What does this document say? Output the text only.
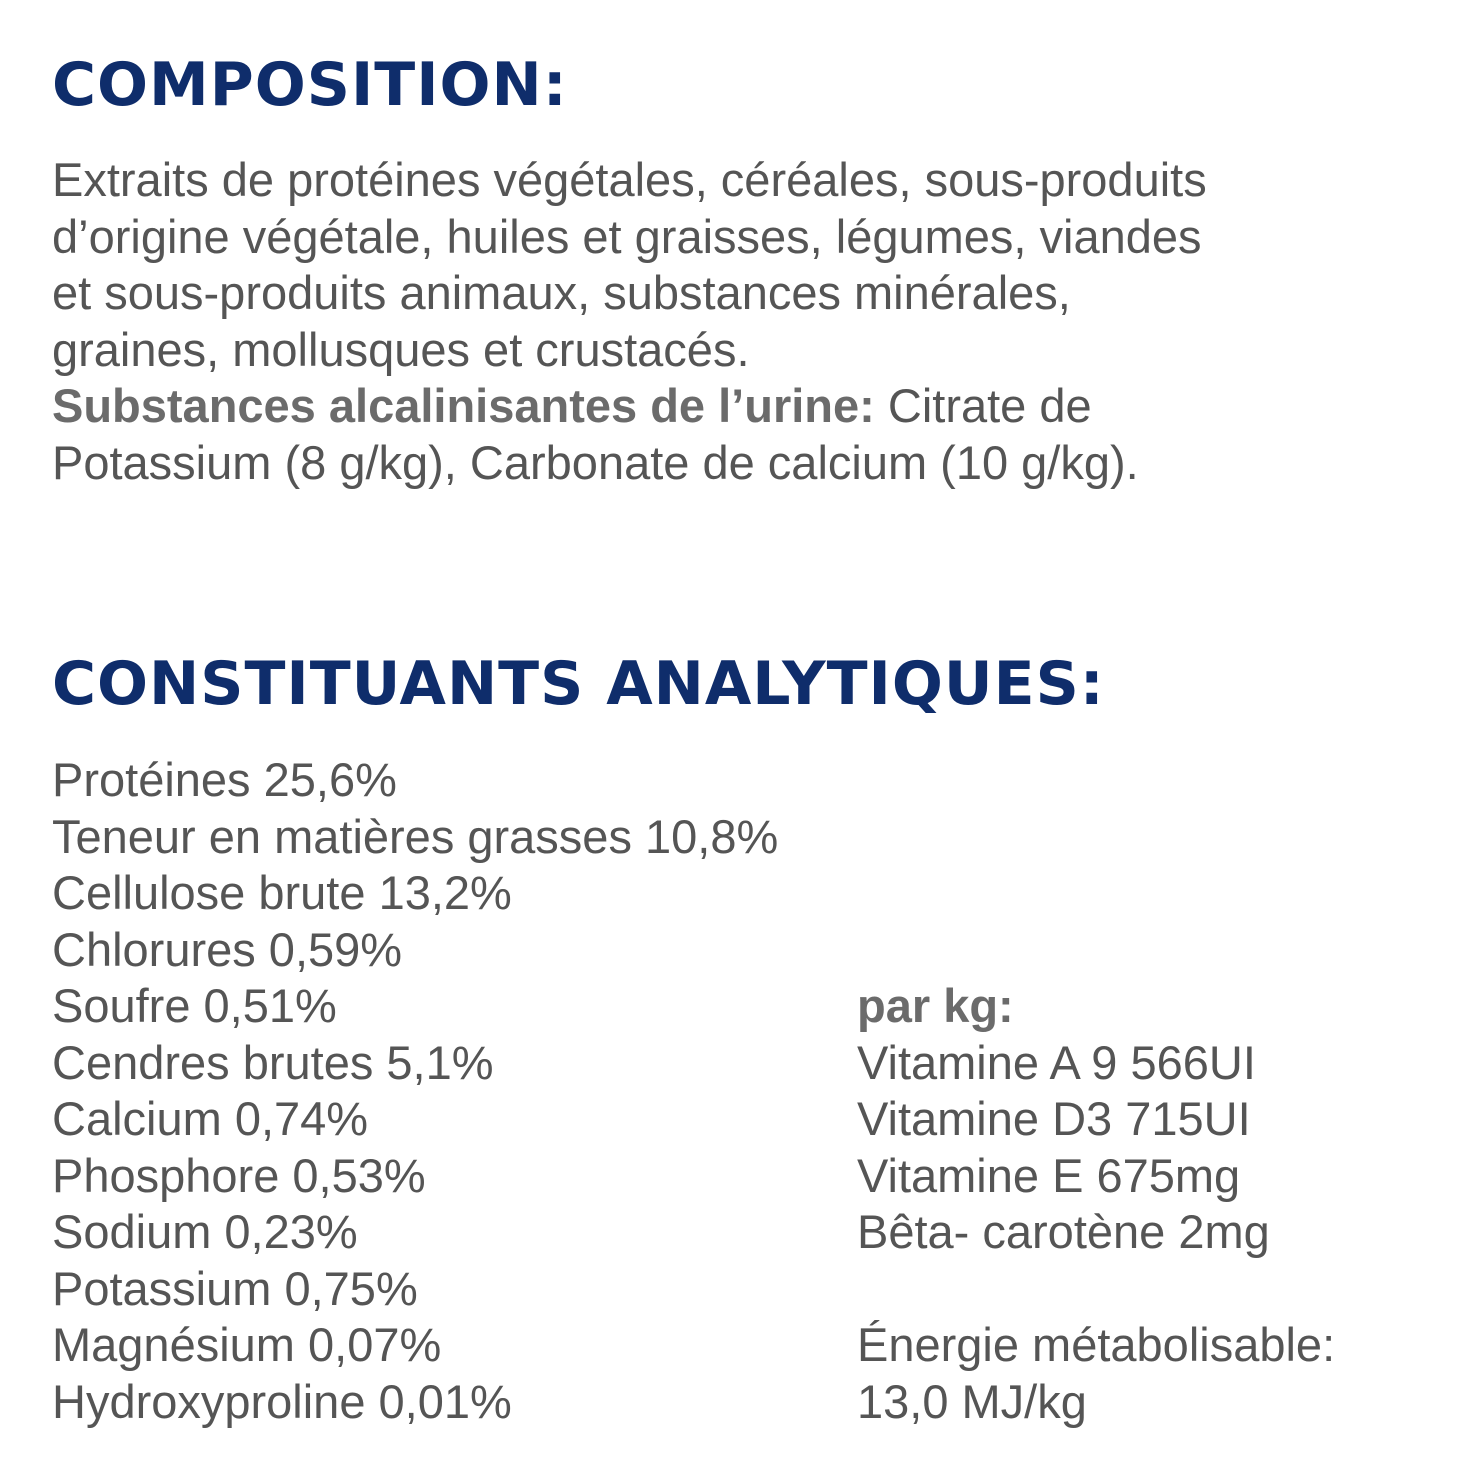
COMPOSITION:
Extraits de protéines végétales, céréales, sous-produits
d’origine végétale, huiles et graisses, légumes, viandes
et sous-produits animaux, substances minérales,
graines, mollusques et crustacés.
Substances alcalinisantes de l’urine: Citrate de
Potassium (8 g/kg), Carbonate de calcium (10 g/kg).
CONSTITUANTS ANALYTIQUES:
Protéines 25,6%
Teneur en matières grasses 10,8%
Cellulose brute 13,2%
Chlorures 0,59%
Soufre 0,51%
Cendres brutes 5,1%
Calcium 0,74%
Phosphore 0,53%
Sodium 0,23%
Potassium 0,75%
Magnésium 0,07%
Hydroxyproline 0,01%
par kg:
Vitamine A 9 566UI
Vitamine D3 715UI
Vitamine E 675mg
Bêta- carotène 2mg
Énergie métabolisable:
13,0 MJ/kg
